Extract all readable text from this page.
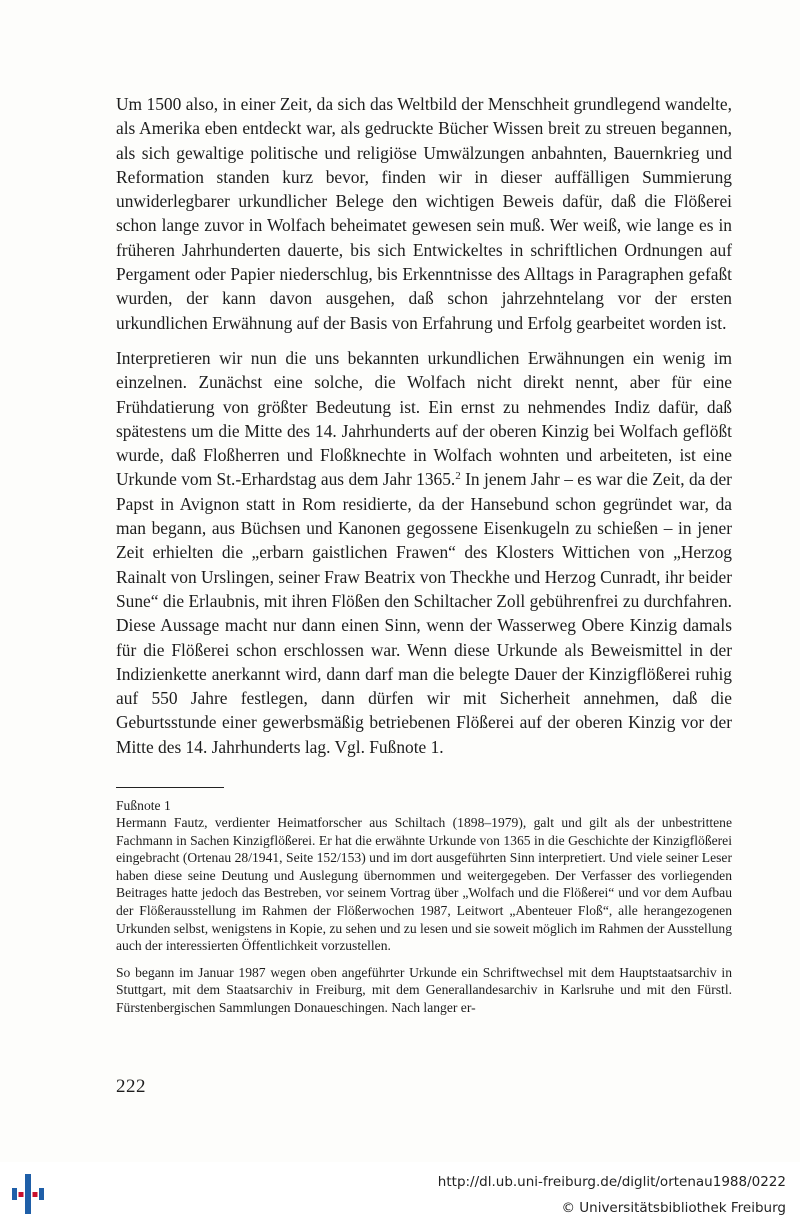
Um 1500 also, in einer Zeit, da sich das Weltbild der Menschheit grundlegend wandelte, als Amerika eben entdeckt war, als gedruckte Bücher Wissen breit zu streuen begannen, als sich gewaltige politische und religiöse Umwälzungen anbahnten, Bauernkrieg und Reformation standen kurz bevor, finden wir in dieser auffälligen Summierung unwiderlegbarer urkundlicher Belege den wichtigen Beweis dafür, daß die Flößerei schon lange zuvor in Wolfach beheimatet gewesen sein muß. Wer weiß, wie lange es in früheren Jahrhunderten dauerte, bis sich Entwickeltes in schriftlichen Ordnungen auf Pergament oder Papier niederschlug, bis Erkenntnisse des Alltags in Paragraphen gefaßt wurden, der kann davon ausgehen, daß schon jahrzehntelang vor der ersten urkundlichen Erwähnung auf der Basis von Erfahrung und Erfolg gearbeitet worden ist.

Interpretieren wir nun die uns bekannten urkundlichen Erwähnungen ein wenig im einzelnen. Zunächst eine solche, die Wolfach nicht direkt nennt, aber für eine Frühdatierung von größter Bedeutung ist. Ein ernst zu nehmendes Indiz dafür, daß spätestens um die Mitte des 14. Jahrhunderts auf der oberen Kinzig bei Wolfach geflößt wurde, daß Floßherren und Floßknechte in Wolfach wohnten und arbeiteten, ist eine Urkunde vom St.-Erhardstag aus dem Jahr 1365.$^2$ In jenem Jahr – es war die Zeit, da der Papst in Avignon statt in Rom residierte, da der Hansebund schon gegründet war, da man begann, aus Büchsen und Kanonen gegossene Eisenkugeln zu schießen – in jener Zeit erhielten die „erbarn gaistlichen Frawen“ des Klosters Wittichen von „Herzog Rainalt von Urslingen, seiner Fraw Beatrix von Theckhe und Herzog Cunradt, ihr beider Sune“ die Erlaubnis, mit ihren Flößen den Schiltacher Zoll gebührenfrei zu durchfahren. Diese Aussage macht nur dann einen Sinn, wenn der Wasserweg Obere Kinzig damals für die Flößerei schon erschlossen war. Wenn diese Urkunde als Beweismittel in der Indizienkette anerkannt wird, dann darf man die belegte Dauer der Kinzigflößerei ruhig auf 550 Jahre festlegen, dann dürfen wir mit Sicherheit annehmen, daß die Geburtsstunde einer gewerbsmäßig betriebenen Flößerei auf der oberen Kinzig vor der Mitte des 14. Jahrhunderts lag. Vgl. Fußnote 1.

Fußnote 1

Hermann Fautz, verdienter Heimatforscher aus Schiltach (1898–1979), galt und gilt als der unbestrittene Fachmann in Sachen Kinzigflößerei. Er hat die erwähnte Urkunde von 1365 in die Geschichte der Kinzigflößerei eingebracht (Ortenau 28/1941, Seite 152/153) und im dort ausgeführten Sinn interpretiert. Und viele seiner Leser haben diese seine Deutung und Auslegung übernommen und weitergegeben. Der Verfasser des vorliegenden Beitrages hatte jedoch das Bestreben, vor seinem Vortrag über „Wolfach und die Flößerei“ und vor dem Aufbau der Flößerausstellung im Rahmen der Flößerwochen 1987, Leitwort „Abenteuer Floß“, alle herangezogenen Urkunden selbst, wenigstens in Kopie, zu sehen und zu lesen und sie soweit möglich im Rahmen der Ausstellung auch der interessierten Öffentlichkeit vorzustellen.

So begann im Januar 1987 wegen oben angeführter Urkunde ein Schriftwechsel mit dem Hauptstaatsarchiv in Stuttgart, mit dem Staatsarchiv in Freiburg, mit dem Generallandesarchiv in Karlsruhe und mit den Fürstl. Fürstenbergischen Sammlungen Donaueschingen. Nach langer er-

222
http://dl.ub.uni-freiburg.de/diglit/ortenau1988/0222
© Universitätsbibliothek Freiburg
